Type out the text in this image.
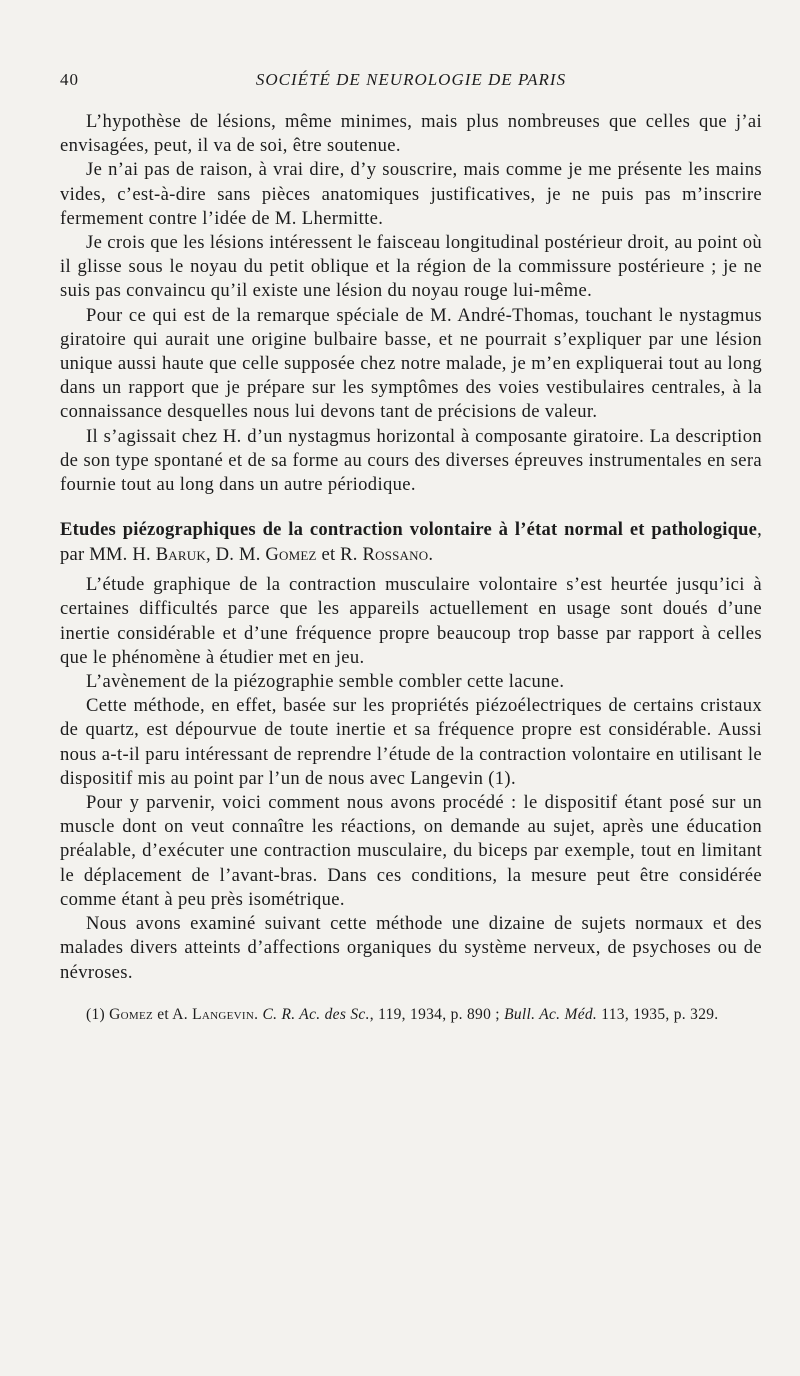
40	SOCIÉTÉ DE NEUROLOGIE DE PARIS

L’hypothèse de lésions, même minimes, mais plus nombreuses que celles que j’ai envisagées, peut, il va de soi, être soutenue.

Je n’ai pas de raison, à vrai dire, d’y souscrire, mais comme je me présente les mains vides, c’est-à-dire sans pièces anatomiques justificatives, je ne puis pas m’inscrire fermement contre l’idée de M. Lhermitte.

Je crois que les lésions intéressent le faisceau longitudinal postérieur droit, au point où il glisse sous le noyau du petit oblique et la région de la commissure postérieure ; je ne suis pas convaincu qu’il existe une lésion du noyau rouge lui-même.

Pour ce qui est de la remarque spéciale de M. André-Thomas, touchant le nystagmus giratoire qui aurait une origine bulbaire basse, et ne pourrait s’expliquer par une lésion unique aussi haute que celle supposée chez notre malade, je m’en expliquerai tout au long dans un rapport que je prépare sur les symptômes des voies vestibulaires centrales, à la connaissance desquelles nous lui devons tant de précisions de valeur.

Il s’agissait chez H. d’un nystagmus horizontal à composante giratoire. La description de son type spontané et de sa forme au cours des diverses épreuves instrumentales en sera fournie tout au long dans un autre périodique.

Etudes piézographiques de la contraction volontaire à l’état normal et pathologique, par MM. H. Baruk, D. M. Gomez et R. Rossano.

L’étude graphique de la contraction musculaire volontaire s’est heurtée jusqu’ici à certaines difficultés parce que les appareils actuellement en usage sont doués d’une inertie considérable et d’une fréquence propre beaucoup trop basse par rapport à celles que le phénomène à étudier met en jeu.

L’avènement de la piézographie semble combler cette lacune.

Cette méthode, en effet, basée sur les propriétés piézoélectriques de certains cristaux de quartz, est dépourvue de toute inertie et sa fréquence propre est considérable. Aussi nous a-t-il paru intéressant de reprendre l’étude de la contraction volontaire en utilisant le dispositif mis au point par l’un de nous avec Langevin (1).

Pour y parvenir, voici comment nous avons procédé : le dispositif étant posé sur un muscle dont on veut connaître les réactions, on demande au sujet, après une éducation préalable, d’exécuter une contraction musculaire, du biceps par exemple, tout en limitant le déplacement de l’avant-bras. Dans ces conditions, la mesure peut être considérée comme étant à peu près isométrique.

Nous avons examiné suivant cette méthode une dizaine de sujets normaux et des malades divers atteints d’affections organiques du système nerveux, de psychoses ou de névroses.

(1) Gomez et A. Langevin. C. R. Ac. des Sc., 119, 1934, p. 890 ; Bull. Ac. Méd. 113, 1935, p. 329.
